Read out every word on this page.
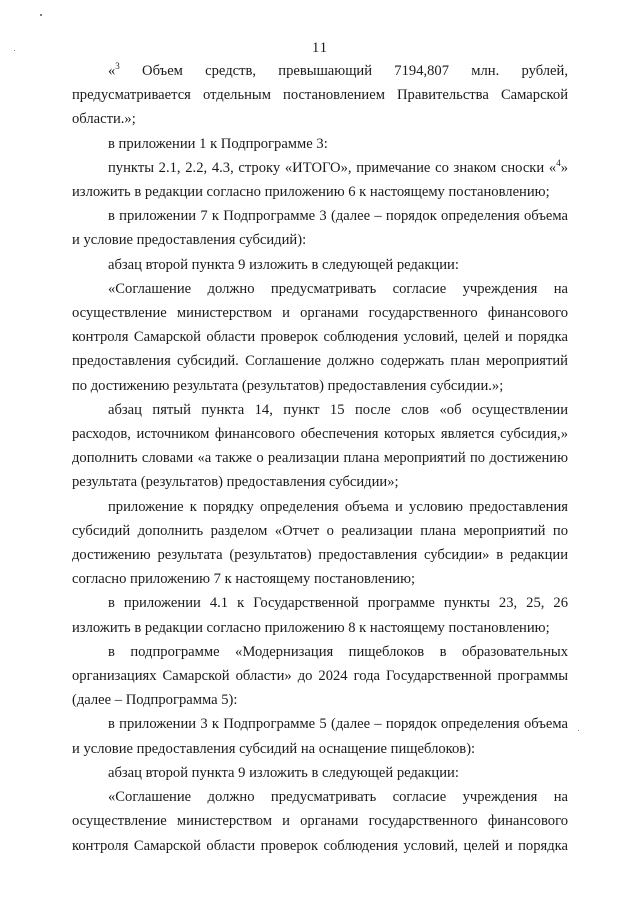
11

«$^3$ Объем средств, превышающий 7194,807 млн. рублей, предусматривается отдельным постановлением Правительства Самарской области.»;

в приложении 1 к Подпрограмме 3:

пункты 2.1, 2.2, 4.3, строку «ИТОГО», примечание со знаком сноски «$^4$» изложить в редакции согласно приложению 6 к настоящему постановлению;

в приложении 7 к Подпрограмме 3 (далее – порядок определения объема и условие предоставления субсидий):

абзац второй пункта 9 изложить в следующей редакции:

«Соглашение должно предусматривать согласие учреждения на осуществление министерством и органами государственного финансового контроля Самарской области проверок соблюдения условий, целей и порядка предоставления субсидий. Соглашение должно содержать план мероприятий по достижению результата (результатов) предоставления субсидии.»;

абзац пятый пункта 14, пункт 15 после слов «об осуществлении расходов, источником финансового обеспечения которых является субсидия,» дополнить словами «а также о реализации плана мероприятий по достижению результата (результатов) предоставления субсидии»;

приложение к порядку определения объема и условию предоставления субсидий дополнить разделом «Отчет о реализации плана мероприятий по достижению результата (результатов) предоставления субсидии» в редакции согласно приложению 7 к настоящему постановлению;

в приложении 4.1 к Государственной программе пункты 23, 25, 26 изложить в редакции согласно приложению 8 к настоящему постановлению;

в подпрограмме «Модернизация пищеблоков в образовательных организациях Самарской области» до 2024 года Государственной программы (далее – Подпрограмма 5):

в приложении 3 к Подпрограмме 5 (далее – порядок определения объема и условие предоставления субсидий на оснащение пищеблоков):

абзац второй пункта 9 изложить в следующей редакции:

«Соглашение должно предусматривать согласие учреждения на осуществление министерством и органами государственного финансового контроля Самарской области проверок соблюдения условий, целей и порядка
